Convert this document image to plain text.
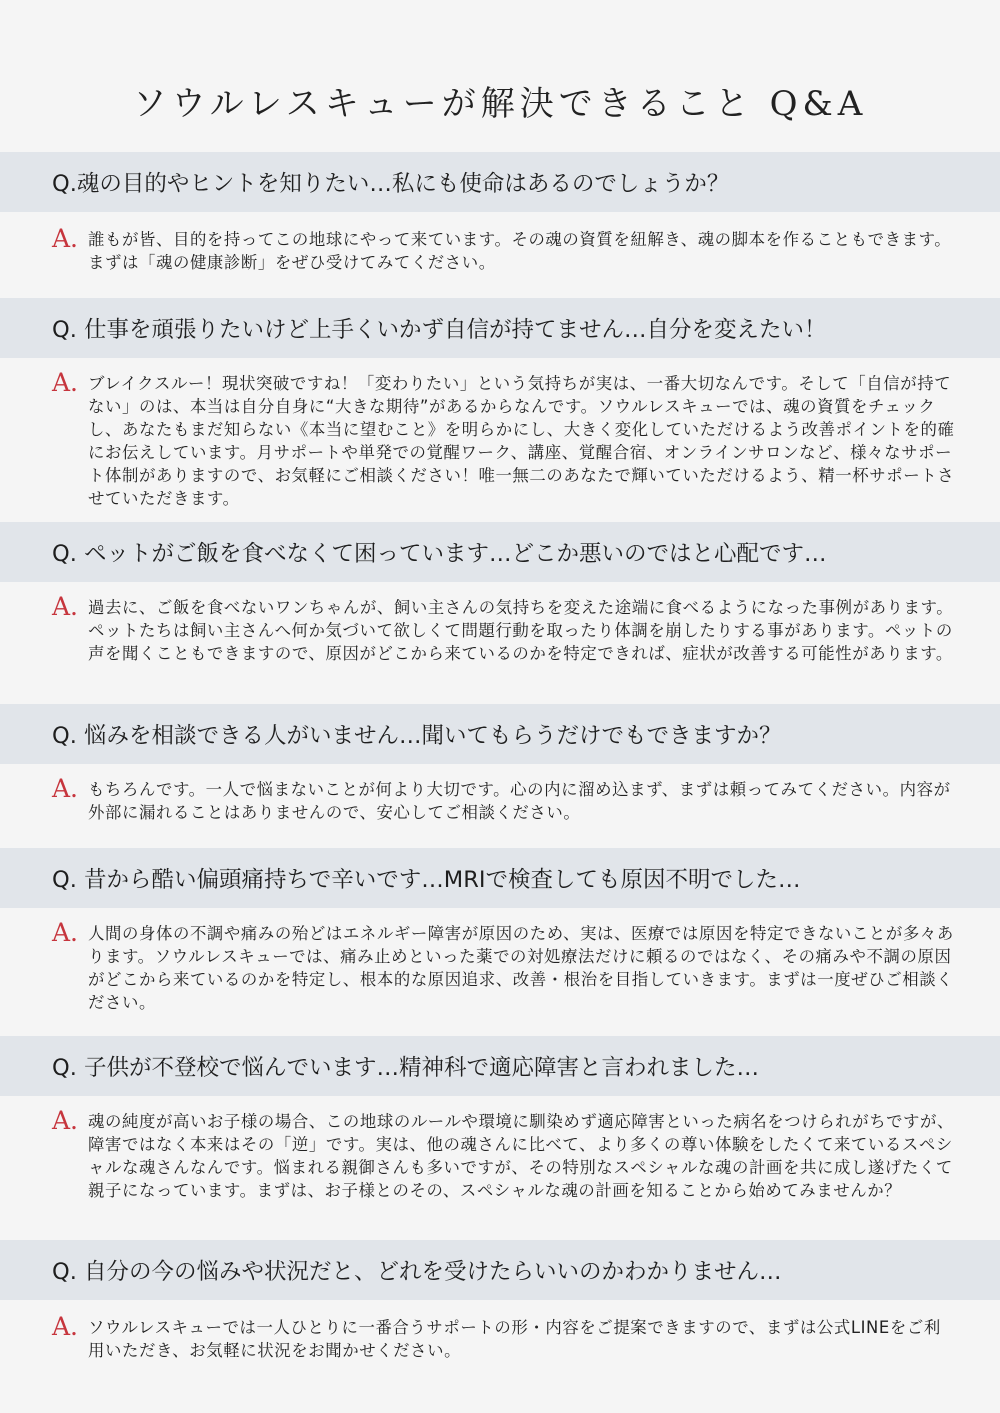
ソウルレスキューが解決できること Q&A
Q.魂の目的やヒントを知りたい…私にも使命はあるのでしょうか？
A. 誰もが皆、目的を持ってこの地球にやって来ています。その魂の資質を紐解き、魂の脚本を作ることもできます。まずは「魂の健康診断」をぜひ受けてみてください。
Q. 仕事を頑張りたいけど上手くいかず自信が持てません…自分を変えたい！
A. ブレイクスルー！現状突破ですね！「変わりたい」という気持ちが実は、一番大切なんです。そして「自信が持てない」のは、本当は自分自身に“大きな期待”があるからなんです。ソウルレスキューでは、魂の資質をチェックし、あなたもまだ知らない《本当に望むこと》を明らかにし、大きく変化していただけるよう改善ポイントを的確にお伝えしています。月サポートや単発での覚醒ワーク、講座、覚醒合宿、オンラインサロンなど、様々なサポート体制がありますので、お気軽にご相談ください！唯一無二のあなたで輝いていただけるよう、精一杯サポートさせていただきます。
Q. ペットがご飯を食べなくて困っています…どこか悪いのではと心配です…
A. 過去に、ご飯を食べないワンちゃんが、飼い主さんの気持ちを変えた途端に食べるようになった事例があります。ペットたちは飼い主さんへ何か気づいて欲しくて問題行動を取ったり体調を崩したりする事があります。ペットの声を聞くこともできますので、原因がどこから来ているのかを特定できれば、症状が改善する可能性があります。
Q. 悩みを相談できる人がいません…聞いてもらうだけでもできますか？
A. もちろんです。一人で悩まないことが何より大切です。心の内に溜め込まず、まずは頼ってみてください。内容が外部に漏れることはありませんので、安心してご相談ください。
Q. 昔から酷い偏頭痛持ちで辛いです…MRIで検査しても原因不明でした…
A. 人間の身体の不調や痛みの殆どはエネルギー障害が原因のため、実は、医療では原因を特定できないことが多々あります。ソウルレスキューでは、痛み止めといった薬での対処療法だけに頼るのではなく、その痛みや不調の原因がどこから来ているのかを特定し、根本的な原因追求、改善・根治を目指していきます。まずは一度ぜひご相談ください。
Q. 子供が不登校で悩んでいます…精神科で適応障害と言われました…
A. 魂の純度が高いお子様の場合、この地球のルールや環境に馴染めず適応障害といった病名をつけられがちですが、障害ではなく本来はその「逆」です。実は、他の魂さんに比べて、より多くの尊い体験をしたくて来ているスペシャルな魂さんなんです。悩まれる親御さんも多いですが、その特別なスペシャルな魂の計画を共に成し遂げたくて親子になっています。まずは、お子様とのその、スペシャルな魂の計画を知ることから始めてみませんか？
Q. 自分の今の悩みや状況だと、どれを受けたらいいのかわかりません…
A. ソウルレスキューでは一人ひとりに一番合うサポートの形・内容をご提案できますので、まずは公式LINEをご利用いただき、お気軽に状況をお聞かせください。
